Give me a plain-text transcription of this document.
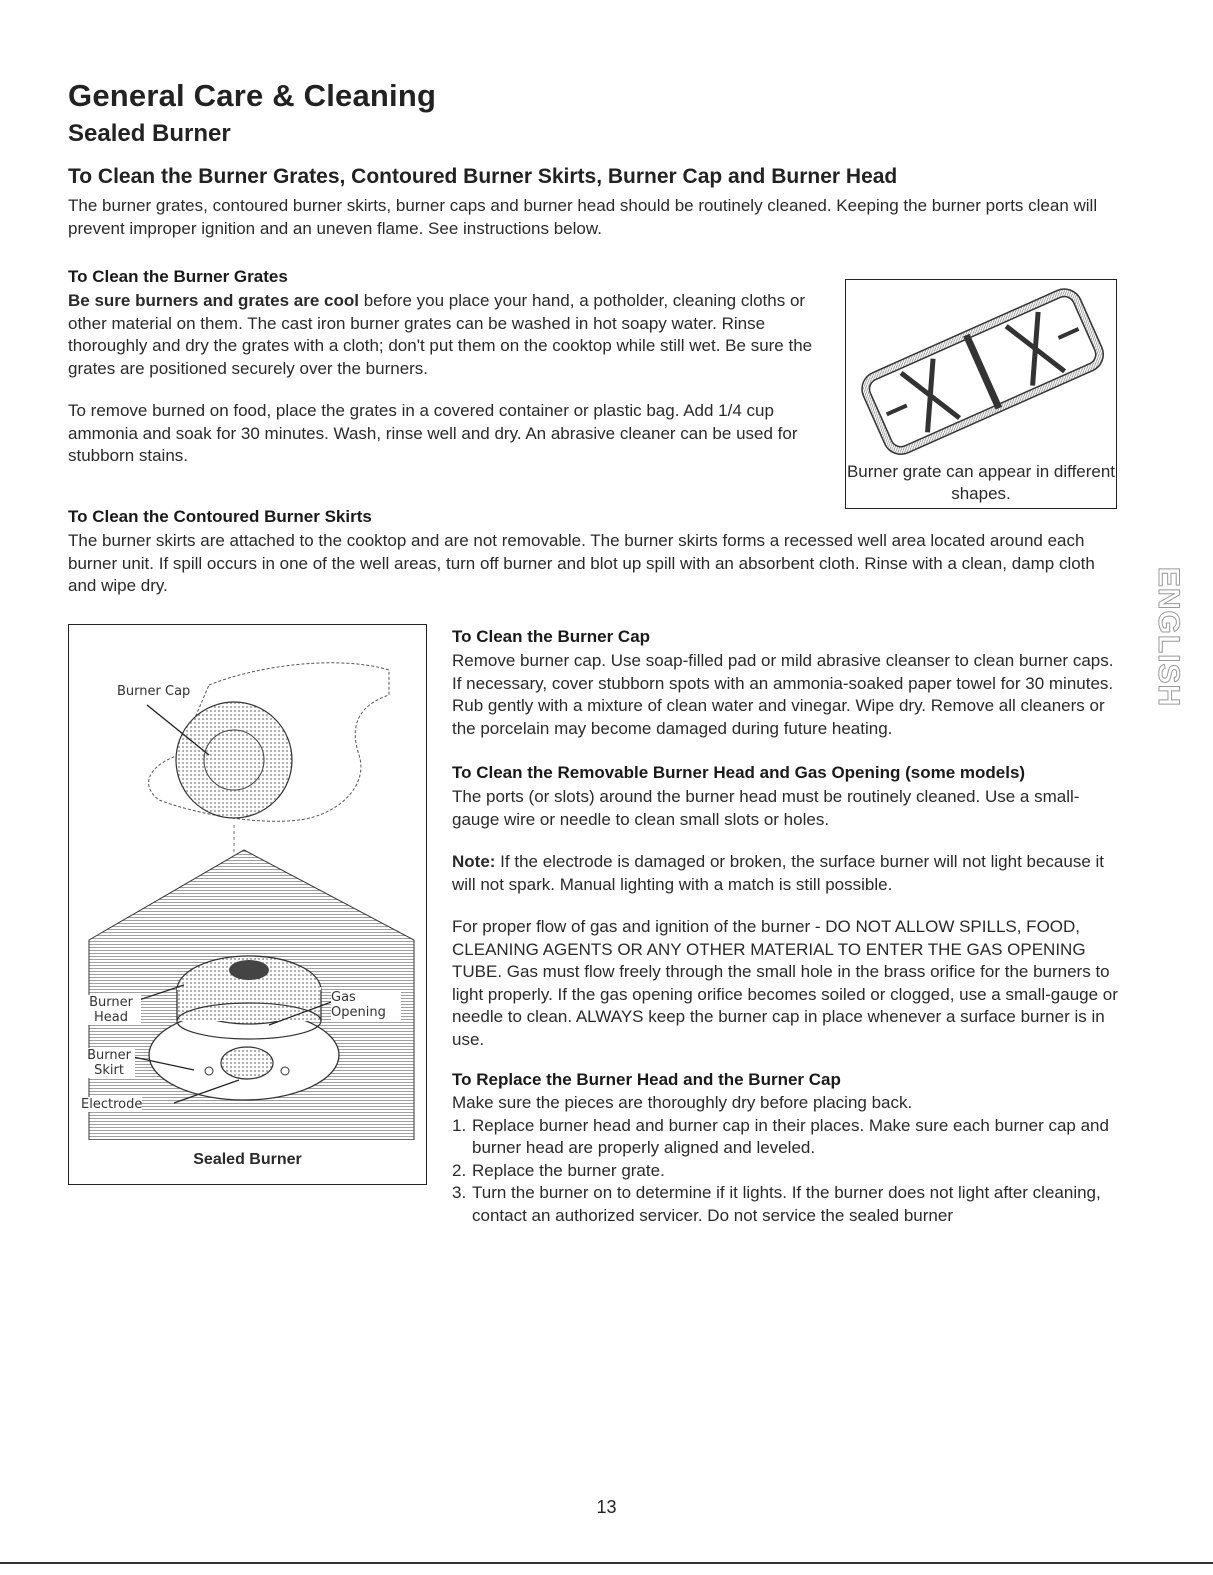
General Care & Cleaning
Sealed Burner
To Clean the Burner Grates, Contoured Burner Skirts, Burner Cap and Burner Head

The burner grates, contoured burner skirts, burner caps and burner head should be routinely cleaned. Keeping the burner ports clean will prevent improper ignition and an uneven flame. See instructions below.

To Clean the Burner Grates

Be sure burners and grates are cool before you place your hand, a potholder, cleaning cloths or other material on them. The cast iron burner grates can be washed in hot soapy water. Rinse thoroughly and dry the grates with a cloth; don't put them on the cooktop while still wet. Be sure the grates are positioned securely over the burners.

To remove burned on food, place the grates in a covered container or plastic bag. Add 1/4 cup ammonia and soak for 30 minutes. Wash, rinse well and dry. An abrasive cleaner can be used for stubborn stains.

Burner grate can appear in different shapes.

To Clean the Contoured Burner Skirts

The burner skirts are attached to the cooktop and are not removable. The burner skirts forms a recessed well area located around each burner unit. If spill occurs in one of the well areas, turn off burner and blot up spill with an absorbent cloth. Rinse with a clean, damp cloth and wipe dry.

Burner Cap
Burner Head
Gas Opening
Burner Skirt
Electrode
Sealed Burner

To Clean the Burner Cap

Remove burner cap. Use soap-filled pad or mild abrasive cleanser to clean burner caps. If necessary, cover stubborn spots with an ammonia-soaked paper towel for 30 minutes. Rub gently with a mixture of clean water and vinegar. Wipe dry. Remove all cleaners or the porcelain may become damaged during future heating.

To Clean the Removable Burner Head and Gas Opening (some models)

The ports (or slots) around the burner head must be routinely cleaned. Use a small-gauge wire or needle to clean small slots or holes.

Note: If the electrode is damaged or broken, the surface burner will not light because it will not spark. Manual lighting with a match is still possible.

For proper flow of gas and ignition of the burner - DO NOT ALLOW SPILLS, FOOD, CLEANING AGENTS OR ANY OTHER MATERIAL TO ENTER THE GAS OPENING TUBE. Gas must flow freely through the small hole in the brass orifice for the burners to light properly. If the gas opening orifice becomes soiled or clogged, use a small-gauge or needle to clean. ALWAYS keep the burner cap in place whenever a surface burner is in use.

To Replace the Burner Head and the Burner Cap

Make sure the pieces are thoroughly dry before placing back.

1. Replace burner head and burner cap in their places. Make sure each burner cap and burner head are properly aligned and leveled.
2. Replace the burner grate.
3. Turn the burner on to determine if it lights. If the burner does not light after cleaning, contact an authorized servicer. Do not service the sealed burner
ENGLISH
13
